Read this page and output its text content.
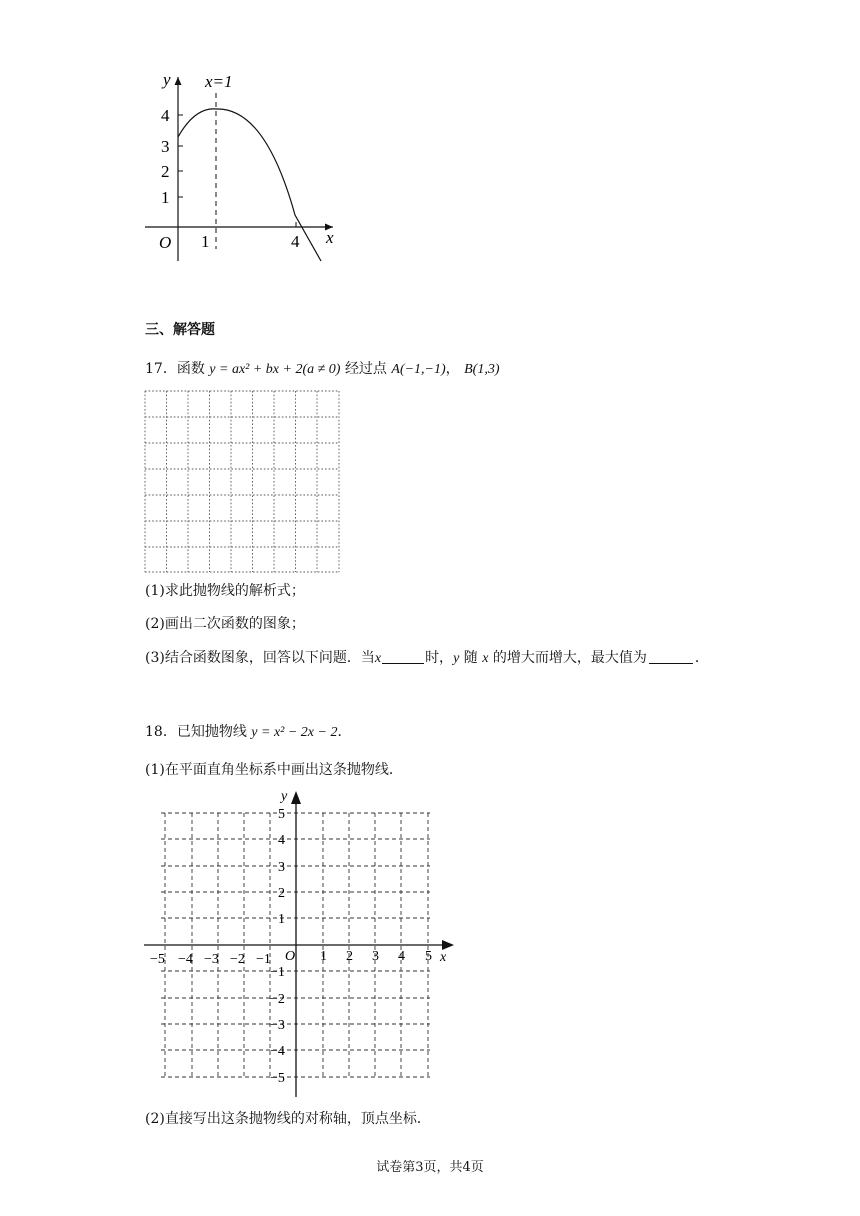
y
x
O
x=1
4
3
2
1
1	4
三、解答题
17．函数 y = ax² + bx + 2(a ≠ 0) 经过点 A(−1,−1)， B(1,3)
(1)求此抛物线的解析式；
(2)画出二次函数的图象；
(3)结合函数图象，回答以下问题．当x	时，y 随 x 的增大而增大，最大值为	．
18．已知抛物线 y = x² − 2x − 2．
(1)在平面直角坐标系中画出这条抛物线．
y
x
O
−5 −4 −3 −2 −1	1 2 3 4 5
5
4
3
2
1
−1
−2
−3
−4
−5
(2)直接写出这条抛物线的对称轴，顶点坐标．
试卷第3页，共4页
